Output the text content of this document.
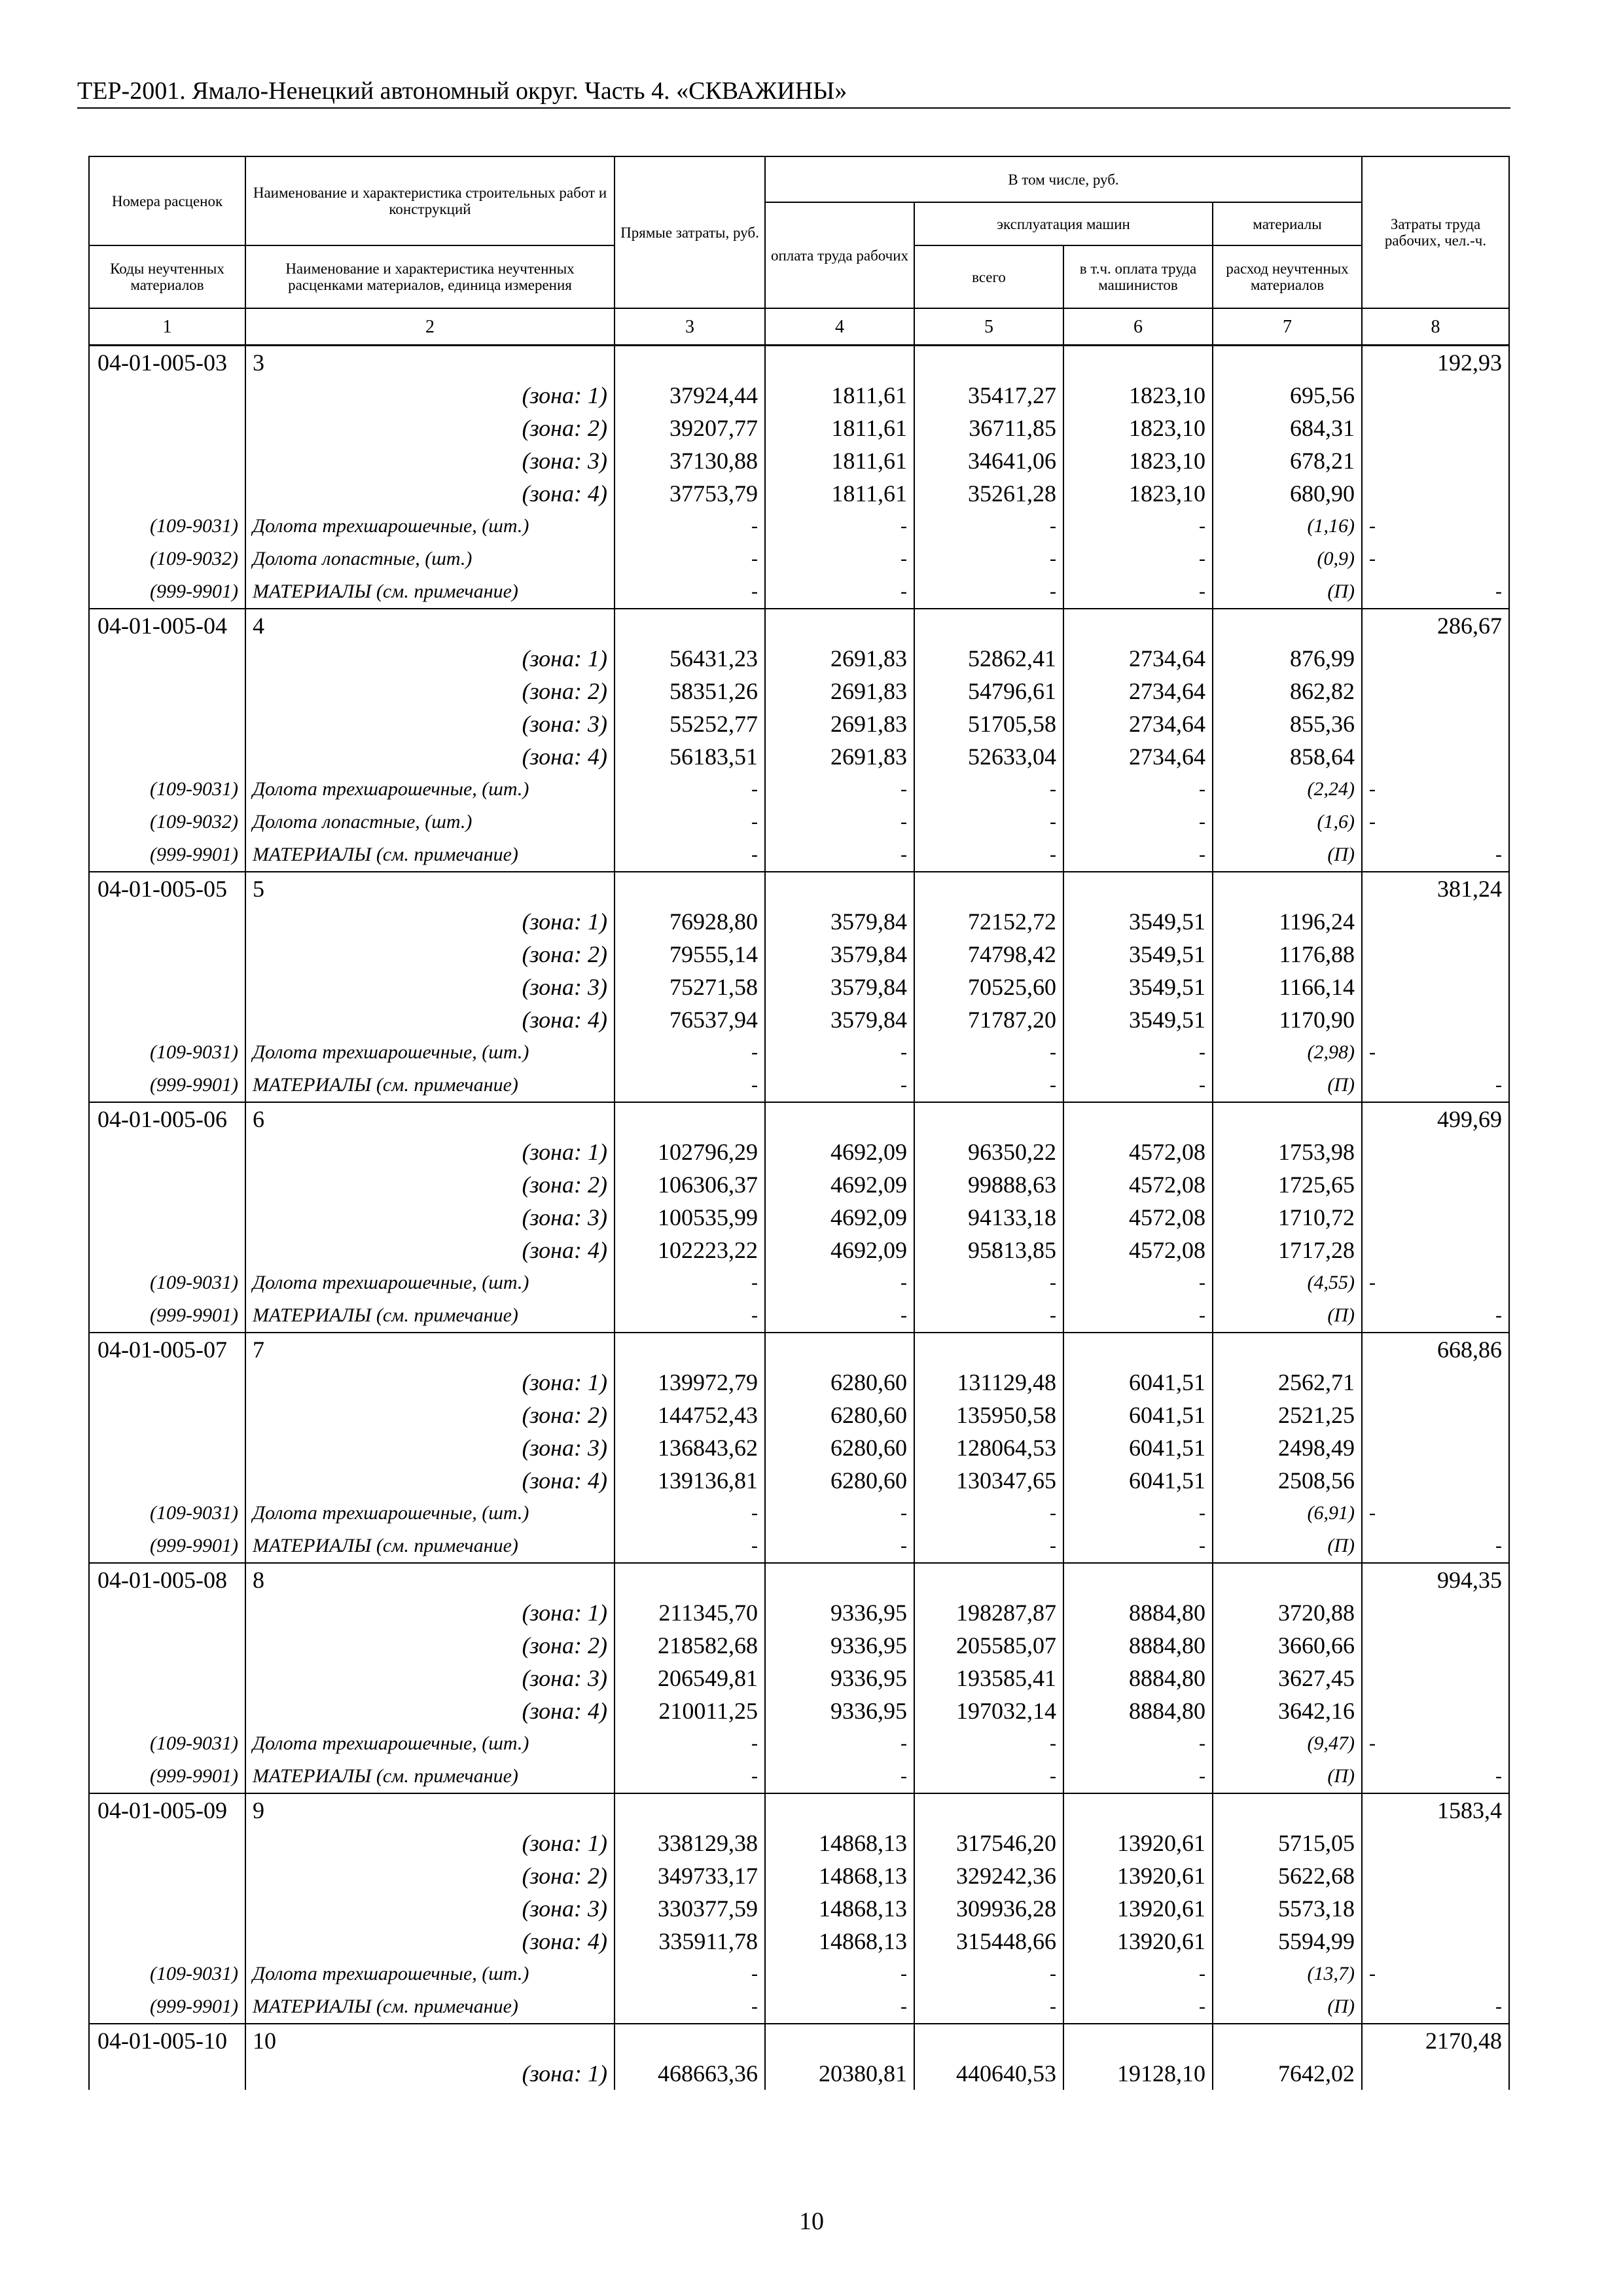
ТЕР-2001. Ямало-Ненецкий автономный округ. Часть 4. «СКВАЖИНЫ»
Номера расценок	Наименование и характеристика строительных работ и конструкций	Прямые затраты, руб.	В том числе, руб.				Затраты труда рабочих, чел.-ч.
			оплата труда рабочих	эксплуатация машин		материалы	
Коды неучтенных материалов	Наименование и характеристика неучтенных расценками материалов, единица измерения			всего	в т.ч. оплата труда машинистов	расход неучтенных материалов	
1	2	3	4	5	6	7	8
04-01-005-03	3						192,93
	(зона: 1)	37924,44	1811,61	35417,27	1823,10	695,56	
	(зона: 2)	39207,77	1811,61	36711,85	1823,10	684,31	
	(зона: 3)	37130,88	1811,61	34641,06	1823,10	678,21	
	(зона: 4)	37753,79	1811,61	35261,28	1823,10	680,90	
(109-9031)	Долота трехшарошечные, (шт.)	-	-	-	-	(1,16)	-
(109-9032)	Долота лопастные, (шт.)	-	-	-	-	(0,9)	-
(999-9901)	МАТЕРИАЛЫ (см. примечание)	-	-	-	-	(П)	-
04-01-005-04	4						286,67
	(зона: 1)	56431,23	2691,83	52862,41	2734,64	876,99	
	(зона: 2)	58351,26	2691,83	54796,61	2734,64	862,82	
	(зона: 3)	55252,77	2691,83	51705,58	2734,64	855,36	
	(зона: 4)	56183,51	2691,83	52633,04	2734,64	858,64	
(109-9031)	Долота трехшарошечные, (шт.)	-	-	-	-	(2,24)	-
(109-9032)	Долота лопастные, (шт.)	-	-	-	-	(1,6)	-
(999-9901)	МАТЕРИАЛЫ (см. примечание)	-	-	-	-	(П)	-
04-01-005-05	5						381,24
	(зона: 1)	76928,80	3579,84	72152,72	3549,51	1196,24	
	(зона: 2)	79555,14	3579,84	74798,42	3549,51	1176,88	
	(зона: 3)	75271,58	3579,84	70525,60	3549,51	1166,14	
	(зона: 4)	76537,94	3579,84	71787,20	3549,51	1170,90	
(109-9031)	Долота трехшарошечные, (шт.)	-	-	-	-	(2,98)	-
(999-9901)	МАТЕРИАЛЫ (см. примечание)	-	-	-	-	(П)	-
04-01-005-06	6						499,69
	(зона: 1)	102796,29	4692,09	96350,22	4572,08	1753,98	
	(зона: 2)	106306,37	4692,09	99888,63	4572,08	1725,65	
	(зона: 3)	100535,99	4692,09	94133,18	4572,08	1710,72	
	(зона: 4)	102223,22	4692,09	95813,85	4572,08	1717,28	
(109-9031)	Долота трехшарошечные, (шт.)	-	-	-	-	(4,55)	-
(999-9901)	МАТЕРИАЛЫ (см. примечание)	-	-	-	-	(П)	-
04-01-005-07	7						668,86
	(зона: 1)	139972,79	6280,60	131129,48	6041,51	2562,71	
	(зона: 2)	144752,43	6280,60	135950,58	6041,51	2521,25	
	(зона: 3)	136843,62	6280,60	128064,53	6041,51	2498,49	
	(зона: 4)	139136,81	6280,60	130347,65	6041,51	2508,56	
(109-9031)	Долота трехшарошечные, (шт.)	-	-	-	-	(6,91)	-
(999-9901)	МАТЕРИАЛЫ (см. примечание)	-	-	-	-	(П)	-
04-01-005-08	8						994,35
	(зона: 1)	211345,70	9336,95	198287,87	8884,80	3720,88	
	(зона: 2)	218582,68	9336,95	205585,07	8884,80	3660,66	
	(зона: 3)	206549,81	9336,95	193585,41	8884,80	3627,45	
	(зона: 4)	210011,25	9336,95	197032,14	8884,80	3642,16	
(109-9031)	Долота трехшарошечные, (шт.)	-	-	-	-	(9,47)	-
(999-9901)	МАТЕРИАЛЫ (см. примечание)	-	-	-	-	(П)	-
04-01-005-09	9						1583,4
	(зона: 1)	338129,38	14868,13	317546,20	13920,61	5715,05	
	(зона: 2)	349733,17	14868,13	329242,36	13920,61	5622,68	
	(зона: 3)	330377,59	14868,13	309936,28	13920,61	5573,18	
	(зона: 4)	335911,78	14868,13	315448,66	13920,61	5594,99	
(109-9031)	Долота трехшарошечные, (шт.)	-	-	-	-	(13,7)	-
(999-9901)	МАТЕРИАЛЫ (см. примечание)	-	-	-	-	(П)	-
04-01-005-10	10						2170,48
	(зона: 1)	468663,36	20380,81	440640,53	19128,10	7642,02	
10
